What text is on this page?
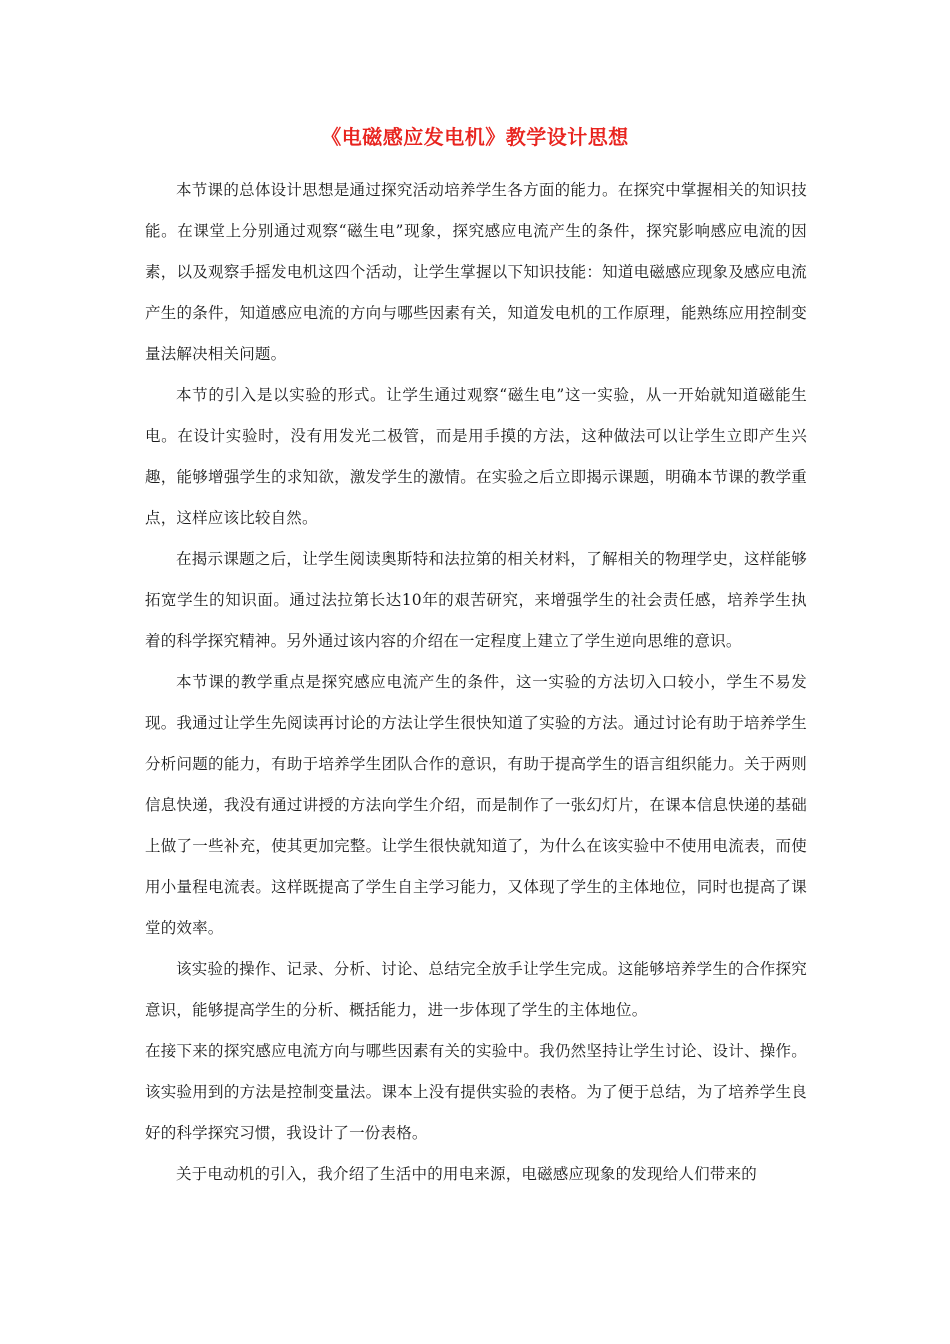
《电磁感应发电机》教学设计思想

本节课的总体设计思想是通过探究活动培养学生各方面的能力。在探究中掌握相关的知识技能。在课堂上分别通过观察“磁生电”现象，探究感应电流产生的条件，探究影响感应电流的因素，以及观察手摇发电机这四个活动，让学生掌握以下知识技能：知道电磁感应现象及感应电流产生的条件，知道感应电流的方向与哪些因素有关，知道发电机的工作原理，能熟练应用控制变量法解决相关问题。

本节的引入是以实验的形式。让学生通过观察“磁生电”这一实验，从一开始就知道磁能生电。在设计实验时，没有用发光二极管，而是用手摸的方法，这种做法可以让学生立即产生兴趣，能够增强学生的求知欲，激发学生的激情。在实验之后立即揭示课题，明确本节课的教学重点，这样应该比较自然。

在揭示课题之后，让学生阅读奥斯特和法拉第的相关材料，了解相关的物理学史，这样能够拓宽学生的知识面。通过法拉第长达10年的艰苦研究，来增强学生的社会责任感，培养学生执着的科学探究精神。另外通过该内容的介绍在一定程度上建立了学生逆向思维的意识。

本节课的教学重点是探究感应电流产生的条件，这一实验的方法切入口较小，学生不易发现。我通过让学生先阅读再讨论的方法让学生很快知道了实验的方法。通过讨论有助于培养学生分析问题的能力，有助于培养学生团队合作的意识，有助于提高学生的语言组织能力。关于两则信息快递，我没有通过讲授的方法向学生介绍，而是制作了一张幻灯片，在课本信息快递的基础上做了一些补充，使其更加完整。让学生很快就知道了，为什么在该实验中不使用电流表，而使用小量程电流表。这样既提高了学生自主学习能力，又体现了学生的主体地位，同时也提高了课堂的效率。

该实验的操作、记录、分析、讨论、总结完全放手让学生完成。这能够培养学生的合作探究意识，能够提高学生的分析、概括能力，进一步体现了学生的主体地位。

在接下来的探究感应电流方向与哪些因素有关的实验中。我仍然坚持让学生讨论、设计、操作。该实验用到的方法是控制变量法。课本上没有提供实验的表格。为了便于总结，为了培养学生良好的科学探究习惯，我设计了一份表格。

关于电动机的引入，我介绍了生活中的用电来源，电磁感应现象的发现给人们带来的
